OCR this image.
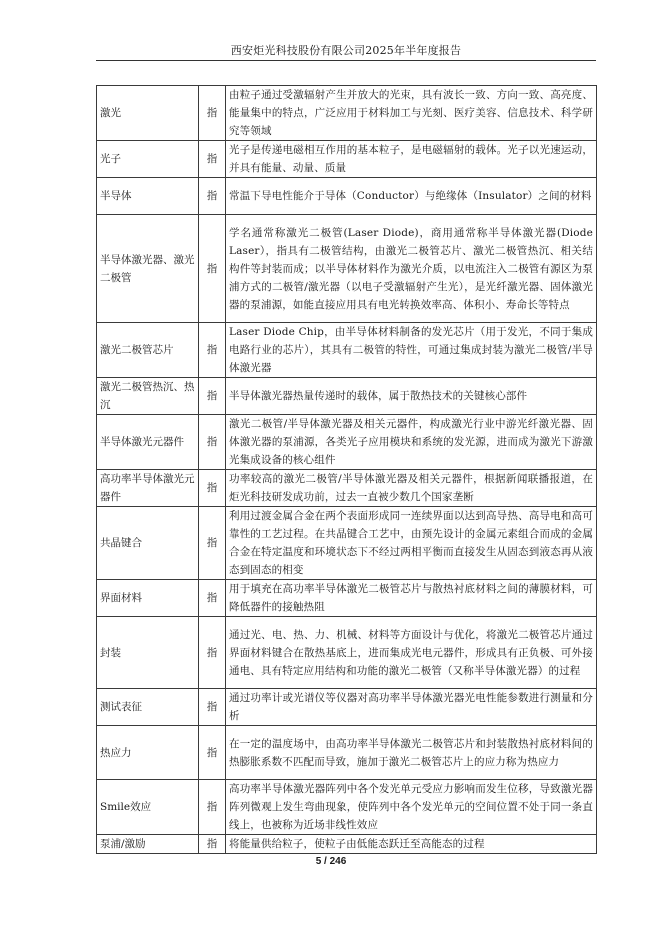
西安炬光科技股份有限公司2025年半年度报告
激光	指	由粒子通过受激辐射产生并放大的光束，具有波长一致、方向一致、高亮度、能量集中的特点，广泛应用于材料加工与光刻、医疗美容、信息技术、科学研究等领域
光子	指	光子是传递电磁相互作用的基本粒子，是电磁辐射的载体。光子以光速运动，并具有能量、动量、质量
半导体	指	常温下导电性能介于导体（Conductor）与绝缘体（Insulator）之间的材料
半导体激光器、激光二极管	指	学名通常称激光二极管(Laser Diode)，商用通常称半导体激光器(Diode Laser），指具有二极管结构，由激光二极管芯片、激光二极管热沉、相关结构件等封装而成；以半导体材料作为激光介质，以电流注入二极管有源区为泵浦方式的二极管/激光器（以电子受激辐射产生光），是光纤激光器、固体激光器的泵浦源，如能直接应用具有电光转换效率高、体积小、寿命长等特点
激光二极管芯片	指	Laser Diode Chip，由半导体材料制备的发光芯片（用于发光，不同于集成电路行业的芯片），其具有二极管的特性，可通过集成封装为激光二极管/半导体激光器
激光二极管热沉、热沉	指	半导体激光器热量传递时的载体，属于散热技术的关键核心部件
半导体激光元器件	指	激光二极管/半导体激光器及相关元器件，构成激光行业中游光纤激光器、固体激光器的泵浦源，各类光子应用模块和系统的发光源，进而成为激光下游激光集成设备的核心组件
高功率半导体激光元器件	指	功率较高的激光二极管/半导体激光器及相关元器件，根据新闻联播报道，在炬光科技研发成功前，过去一直被少数几个国家垄断
共晶键合	指	利用过渡金属合金在两个表面形成同一连续界面以达到高导热、高导电和高可靠性的工艺过程。在共晶键合工艺中，由预先设计的金属元素组合而成的金属合金在特定温度和环境状态下不经过两相平衡而直接发生从固态到液态再从液态到固态的相变
界面材料	指	用于填充在高功率半导体激光二极管芯片与散热衬底材料之间的薄膜材料，可降低器件的接触热阻
封装	指	通过光、电、热、力、机械、材料等方面设计与优化，将激光二极管芯片通过界面材料键合在散热基底上，进而集成光电元器件，形成具有正负极、可外接通电、具有特定应用结构和功能的激光二极管（又称半导体激光器）的过程
测试表征	指	通过功率计或光谱仪等仪器对高功率半导体激光器光电性能参数进行测量和分析
热应力	指	在一定的温度场中，由高功率半导体激光二极管芯片和封装散热衬底材料间的热膨胀系数不匹配而导致，施加于激光二极管芯片上的应力称为热应力
Smile效应	指	高功率半导体激光器阵列中各个发光单元受应力影响而发生位移，导致激光器阵列微观上发生弯曲现象，使阵列中各个发光单元的空间位置不处于同一条直线上，也被称为近场非线性效应
泵浦/激励	指	将能量供给粒子，使粒子由低能态跃迁至高能态的过程
5 / 246
